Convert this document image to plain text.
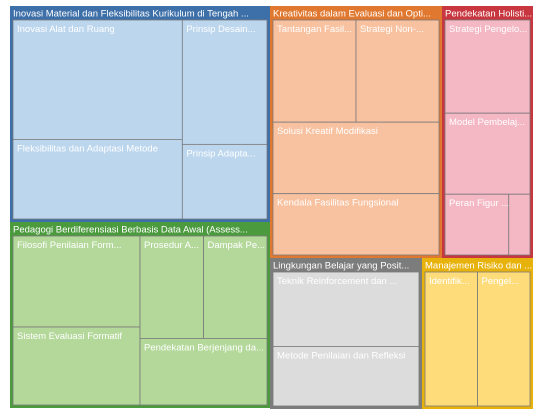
Inovasi Material dan Fleksibilitas Kurikulum di Tengah ...
Inovasi Alat dan Ruang
Fleksibilitas dan Adaptasi Metode
Prinsip Desain...
Prinsip Adapta...
Pedagogi Berdiferensiasi Berbasis Data Awal (Assess...
Filosofi Penilaian Form...
Sistem Evaluasi Formatif
Prosedur A... Dampak Pe...
Pendekatan Berjenjang da...
Kreativitas dalam Evaluasi dan Opti...
Tantangan Fasil... Strategi Non-...
Solusi Kreatif Modifikasi
Kendala Fasilitas Fungsional
Pendekatan Holisti...
Strategi Pengelo...
Model Pembelaj...
Peran Figur ...
Lingkungan Belajar yang Posit...
Teknik Reinforcement dan ...
Metode Penilaian dan Refleksi
Manajemen Risiko dan ...
Identifik... Pengel...
